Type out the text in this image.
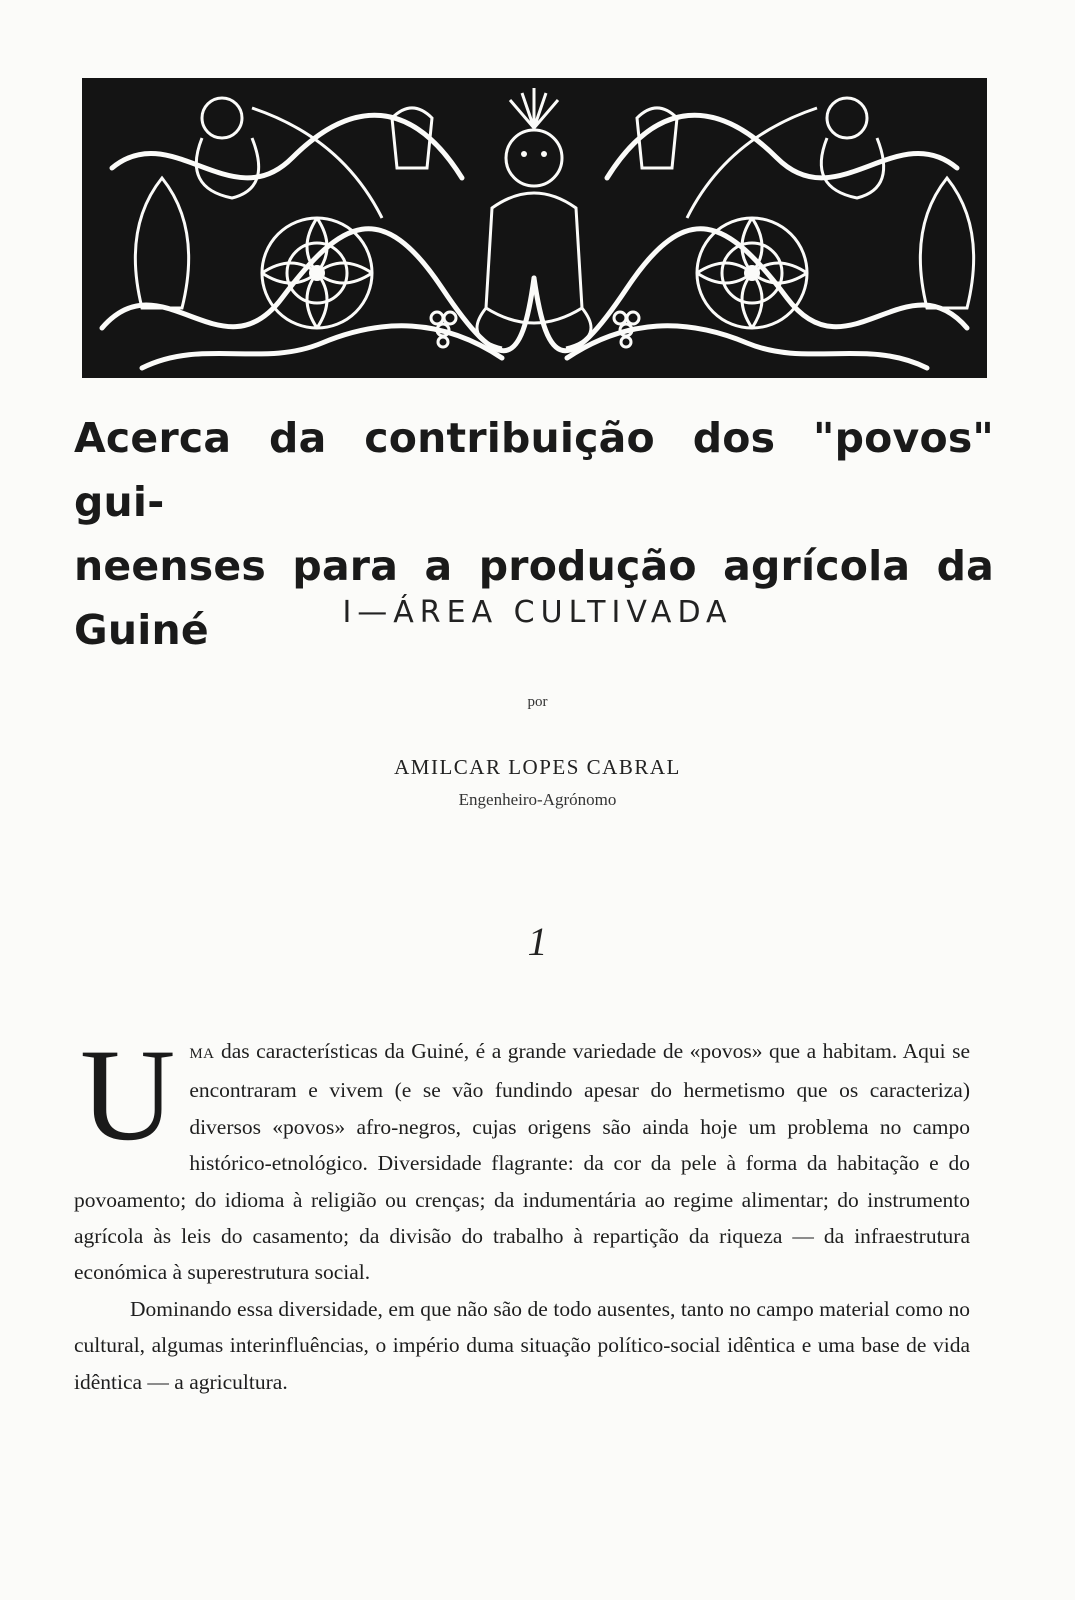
Acerca da contribuição dos "povos" gui-
neenses para a produção agrícola da Guiné	I—ÁREA CULTIVADA
por
AMILCAR LOPES CABRAL
Engenheiro-Agrónomo
1

UMA das características da Guiné, é a grande variedade de «povos» que a habitam. Aqui se encontraram e vivem (e se vão fundindo apesar do hermetismo que os caracteriza) diversos «povos» afro-negros, cujas origens são ainda hoje um problema no campo histórico-etnológico. Diversidade flagrante: da cor da pele à forma da habitação e do povoamento; do idioma à religião ou crenças; da indumentária ao regime alimentar; do instrumento agrícola às leis do casamento; da divisão do trabalho à repartição da riqueza — da infraestrutura económica à superestrutura social.

Dominando essa diversidade, em que não são de todo ausentes, tanto no campo material como no cultural, algumas interinfluências, o império duma situação político-social idêntica e uma base de vida idêntica — a agricultura.
